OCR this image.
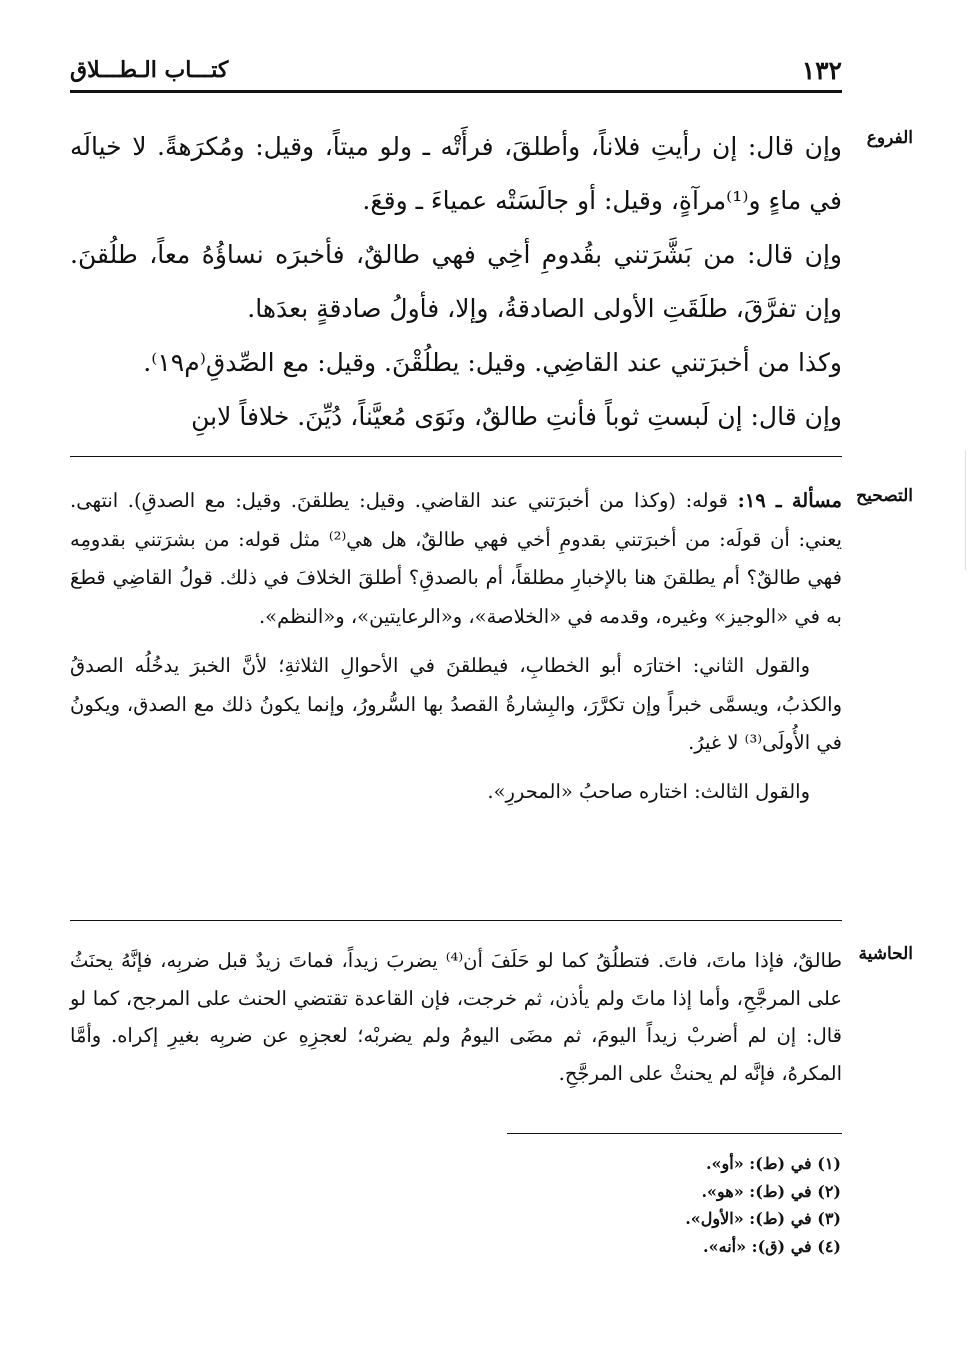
١٣٢
كتـــاب الـطـــلاق
الفروع

وإن قال: إن رأيتِ فلاناً، وأطلقَ، فرأَتْه ـ ولو ميتاً، وقيل: ومُكرَهةً. لا خيالَه في ماءٍ و⁽¹⁾مرآةٍ، وقيل: أو جالَسَتْه عمياءَ ـ وقعَ.

وإن قال: من بَشَّرَتني بقُدومِ أخِي فهي طالقٌ، فأخبرَه نساؤُهُ معاً، طلُقنَ. وإن تفرَّقَ، طلَقَتِ الأولى الصادقةُ، وإلا، فأولُ صادقةٍ بعدَها.

وكذا من أخبرَتني عند القاضِي. وقيل: يطلُقْنَ. وقيل: مع الصِّدقِ⁽م١٩⁾.

وإن قال: إن لَبستِ ثوباً فأنتِ طالقٌ، ونَوَى مُعيَّناً، دُيِّنَ. خلافاً لابنِ

التصحيح

مسألة ـ ١٩: قوله: (وكذا من أخبرَتني عند القاضي. وقيل: يطلقنَ. وقيل: مع الصدقِ). انتهى. يعني: أن قولَه: من أخبرَتني بقدومِ أخي فهي طالقٌ، هل هي⁽²⁾ مثل قوله: من بشرَتني بقدومِه فهي طالقٌ؟ أم يطلقنَ هنا بالإخبارِ مطلقاً، أم بالصدقِ؟ أطلقَ الخلافَ في ذلك. قولُ القاضِي قطعَ به في «الوجيز» وغيره، وقدمه في «الخلاصة»، و«الرعايتين»، و«النظم».

والقول الثاني: اختارَه أبو الخطابِ، فيطلقنَ في الأحوالِ الثلاثةِ؛ لأنَّ الخبرَ يدخُلُه الصدقُ والكذبُ، ويسمَّى خبراً وإن تكرَّرَ، والبِشارةُ القصدُ بها السُّرورُ، وإنما يكونُ ذلك مع الصدق، ويكونُ في الأُولَى⁽³⁾ لا غيرُ.

والقول الثالث: اختاره صاحبُ «المحررِ».

الحاشية

طالقٌ، فإذا ماتَ، فاتَ. فتطلُقُ كما لو حَلَفَ أن⁽⁴⁾ يضربَ زيداً، فماتَ زيدٌ قبل ضربِه، فإنَّهُ يحنَثُ على المرجَّحِ، وأما إذا ماتَ ولم يأذن، ثم خرجت، فإن القاعدة تقتضي الحنث على المرجح، كما لو قال: إن لم أضربْ زيداً اليومَ، ثم مضَى اليومُ ولم يضربْه؛ لعجزِهِ عن ضربِه بغيرِ إكراه. وأمَّا المكرهُ، فإنَّه لم يحنثْ على المرجَّحِ.

(١) في (ط): «أو».
(٢) في (ط): «هو».
(٣) في (ط): «الأول».
(٤) في (ق): «أنه».
